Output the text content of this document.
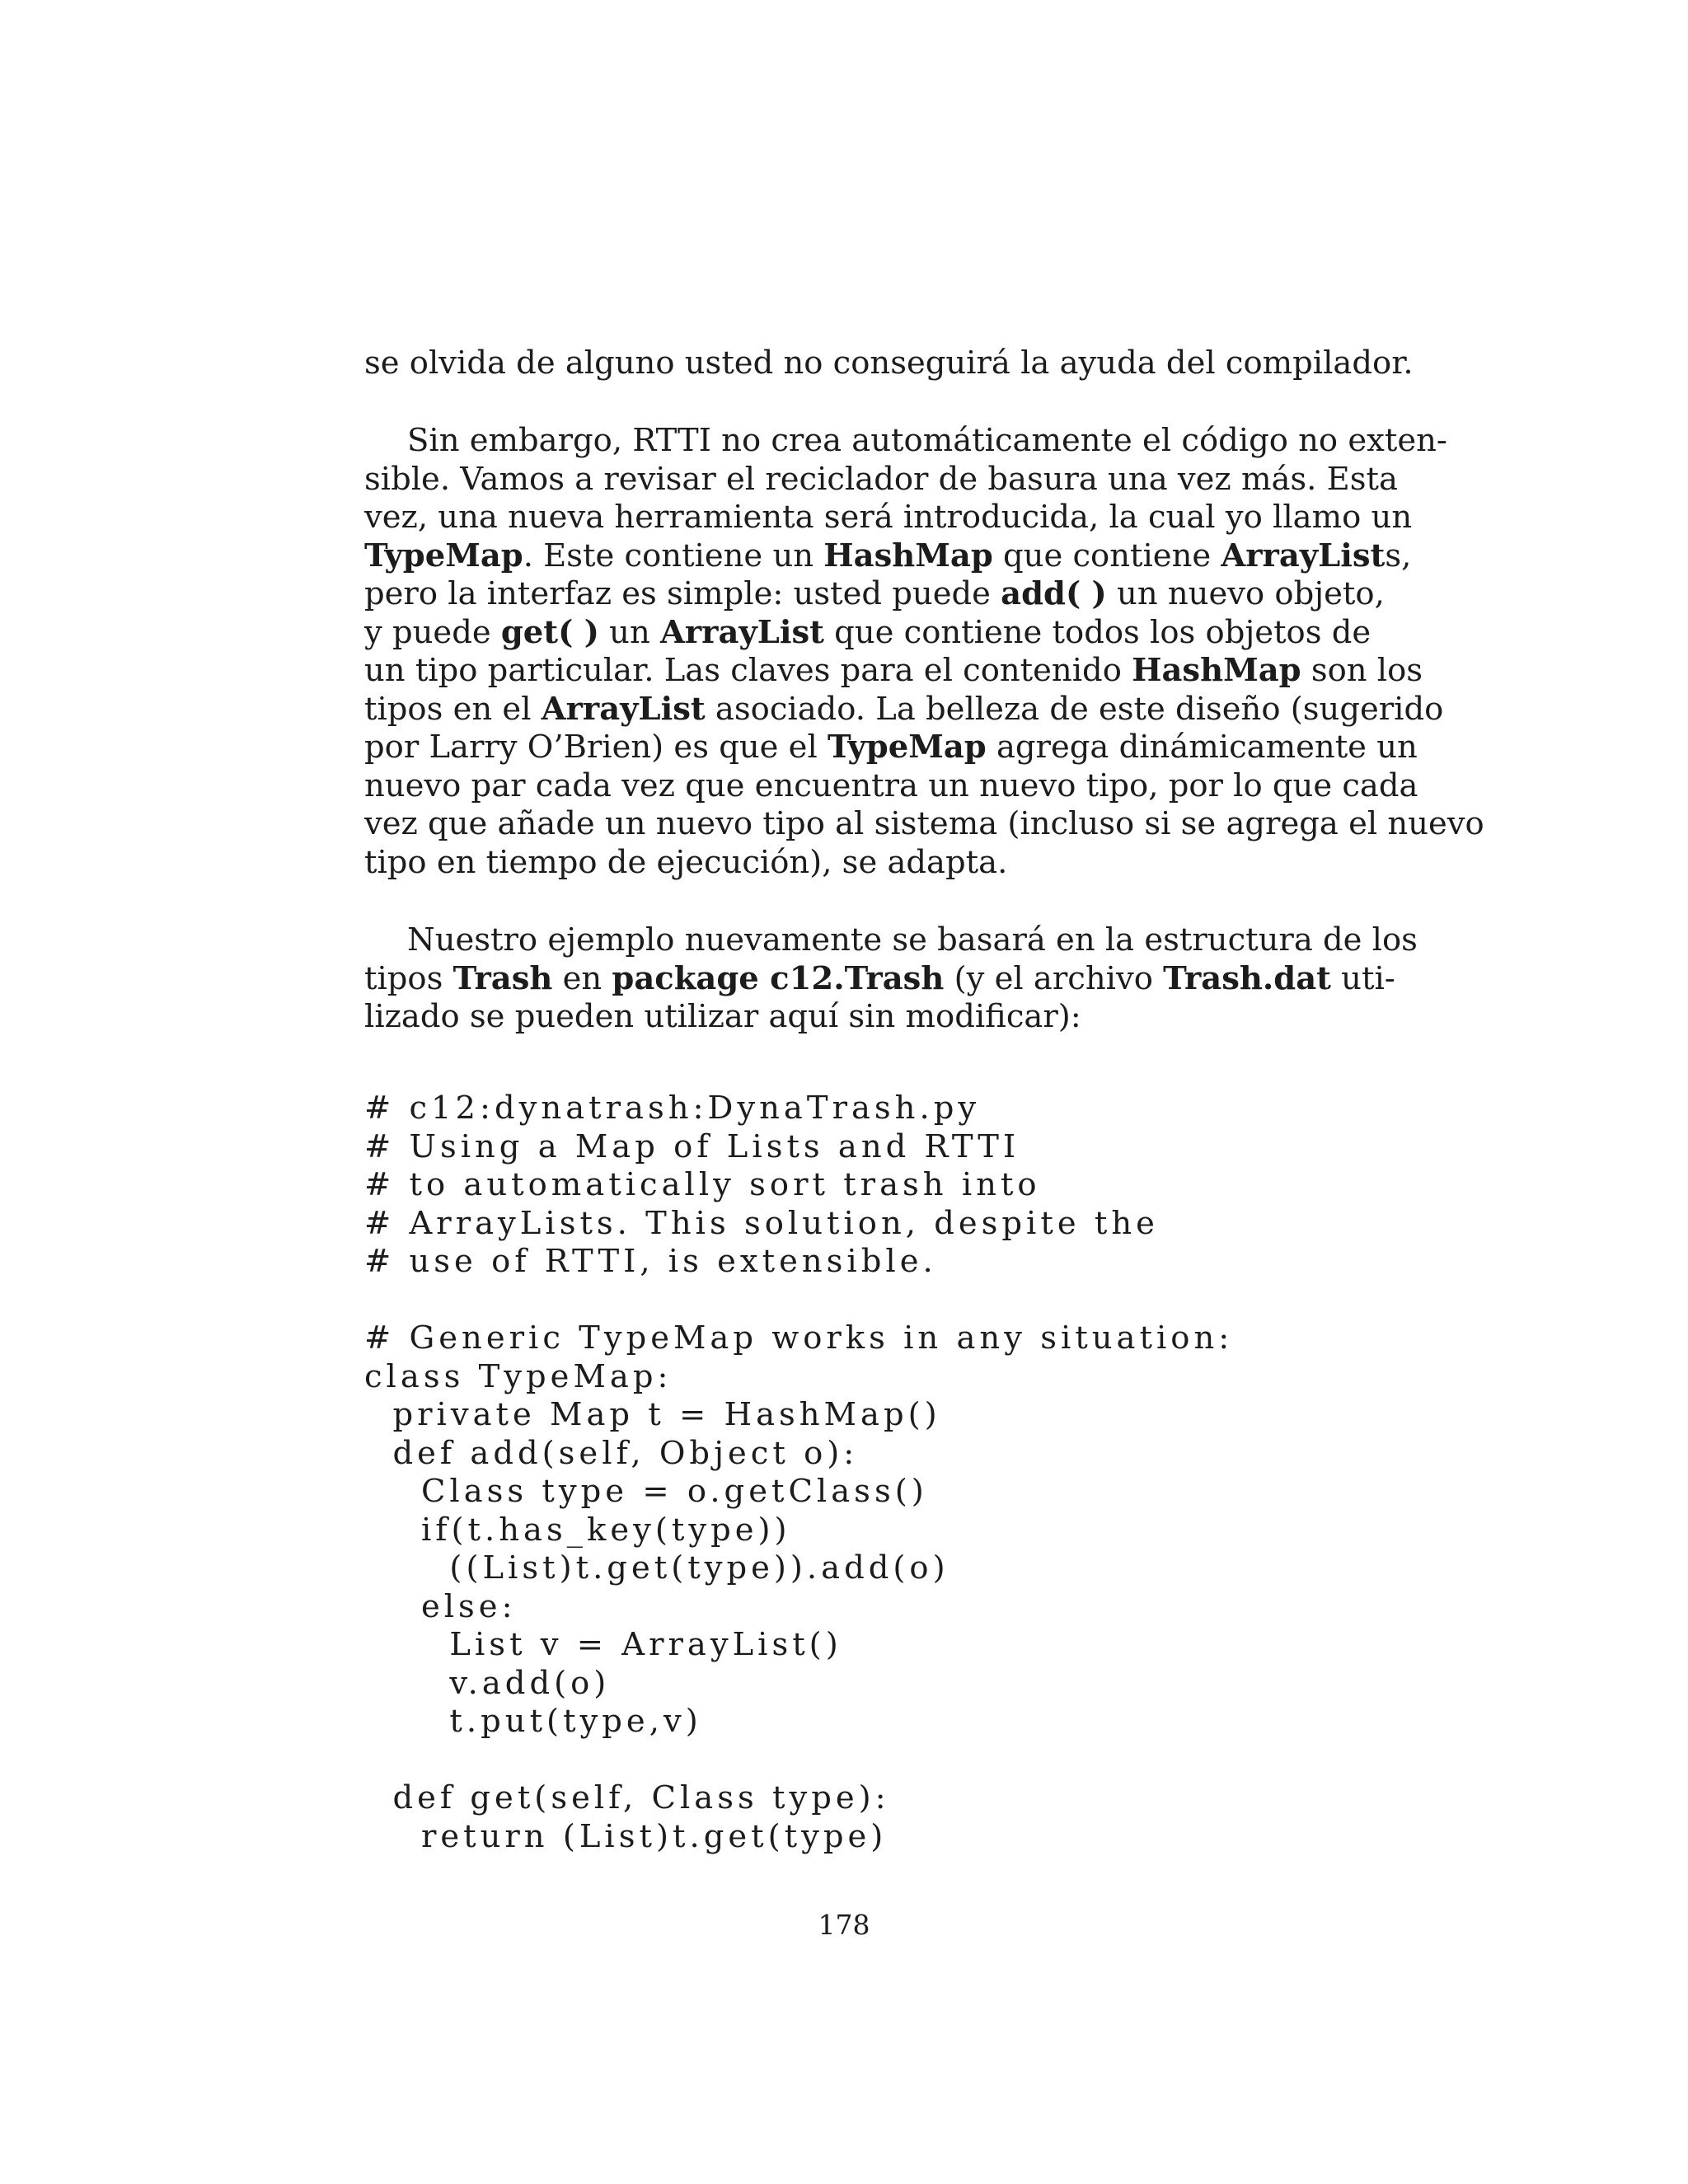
se olvida de alguno usted no conseguirá la ayuda del compilador.

Sin embargo, RTTI no crea automáticamente el código no exten-
sible. Vamos a revisar el reciclador de basura una vez más. Esta
vez, una nueva herramienta será introducida, la cual yo llamo un
TypeMap. Este contiene un HashMap que contiene ArrayLists,
pero la interfaz es simple: usted puede add( ) un nuevo objeto,
y puede get( ) un ArrayList que contiene todos los objetos de
un tipo particular. Las claves para el contenido HashMap son los
tipos en el ArrayList asociado. La belleza de este diseño (sugerido
por Larry O’Brien) es que el TypeMap agrega dinámicamente un
nuevo par cada vez que encuentra un nuevo tipo, por lo que cada
vez que añade un nuevo tipo al sistema (incluso si se agrega el nuevo
tipo en tiempo de ejecución), se adapta.
Nuestro ejemplo nuevamente se basará en la estructura de los
tipos Trash en package c12.Trash (y el archivo Trash.dat uti-
lizado se pueden utilizar aquí sin modificar):
# c12:dynatrash:DynaTrash.py
# Using a Map of Lists and RTTI
# to automatically sort trash into
# ArrayLists. This solution, despite the
# use of RTTI, is extensible.

# Generic TypeMap works in any situation:
class TypeMap:
private Map t = HashMap()
def add(self, Object o):
Class type = o.getClass()
if(t.has_key(type))
((List)t.get(type)).add(o)
else:
List v = ArrayList()
v.add(o)
t.put(type,v)

def get(self, Class type):
return (List)t.get(type)

178
